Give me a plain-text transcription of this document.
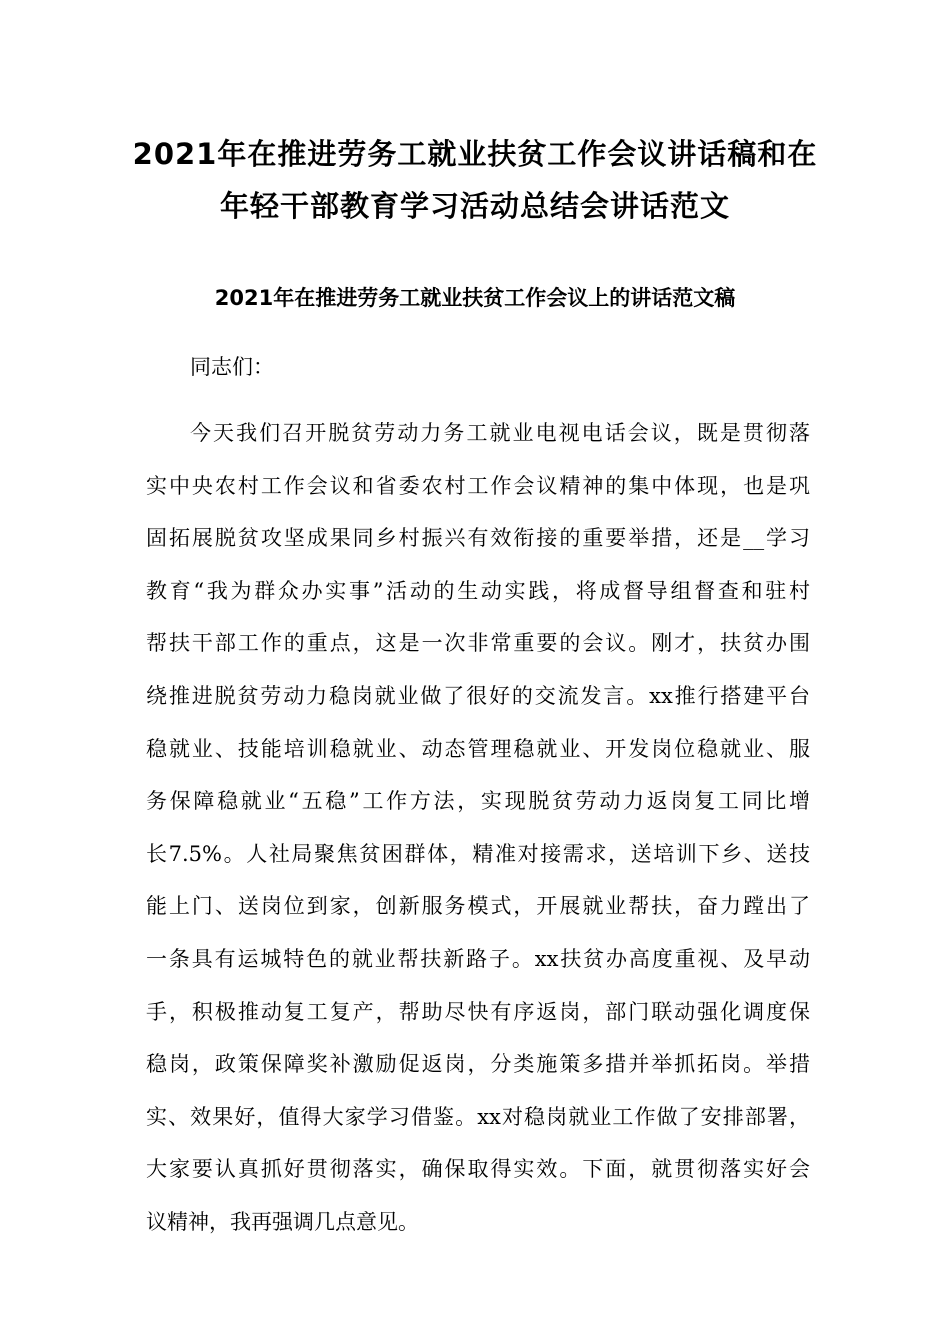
2021年在推进劳务工就业扶贫工作会议讲话稿和在
年轻干部教育学习活动总结会讲话范文
2021年在推进劳务工就业扶贫工作会议上的讲话范文稿

同志们：

今天我们召开脱贫劳动力务工就业电视电话会议，既是贯彻落
实中央农村工作会议和省委农村工作会议精神的集中体现，也是巩
固拓展脱贫攻坚成果同乡村振兴有效衔接的重要举措，还是__学习
教育“我为群众办实事”活动的生动实践，将成督导组督查和驻村
帮扶干部工作的重点，这是一次非常重要的会议。刚才，扶贫办围
绕推进脱贫劳动力稳岗就业做了很好的交流发言。xx推行搭建平台
稳就业、技能培训稳就业、动态管理稳就业、开发岗位稳就业、服
务保障稳就业“五稳”工作方法，实现脱贫劳动力返岗复工同比增
长7.5%。人社局聚焦贫困群体，精准对接需求，送培训下乡、送技
能上门、送岗位到家，创新服务模式，开展就业帮扶，奋力蹚出了
一条具有运城特色的就业帮扶新路子。xx扶贫办高度重视、及早动
手，积极推动复工复产，帮助尽快有序返岗，部门联动强化调度保
稳岗，政策保障奖补激励促返岗，分类施策多措并举抓拓岗。举措
实、效果好，值得大家学习借鉴。xx对稳岗就业工作做了安排部署，
大家要认真抓好贯彻落实，确保取得实效。下面，就贯彻落实好会
议精神，我再强调几点意见。
